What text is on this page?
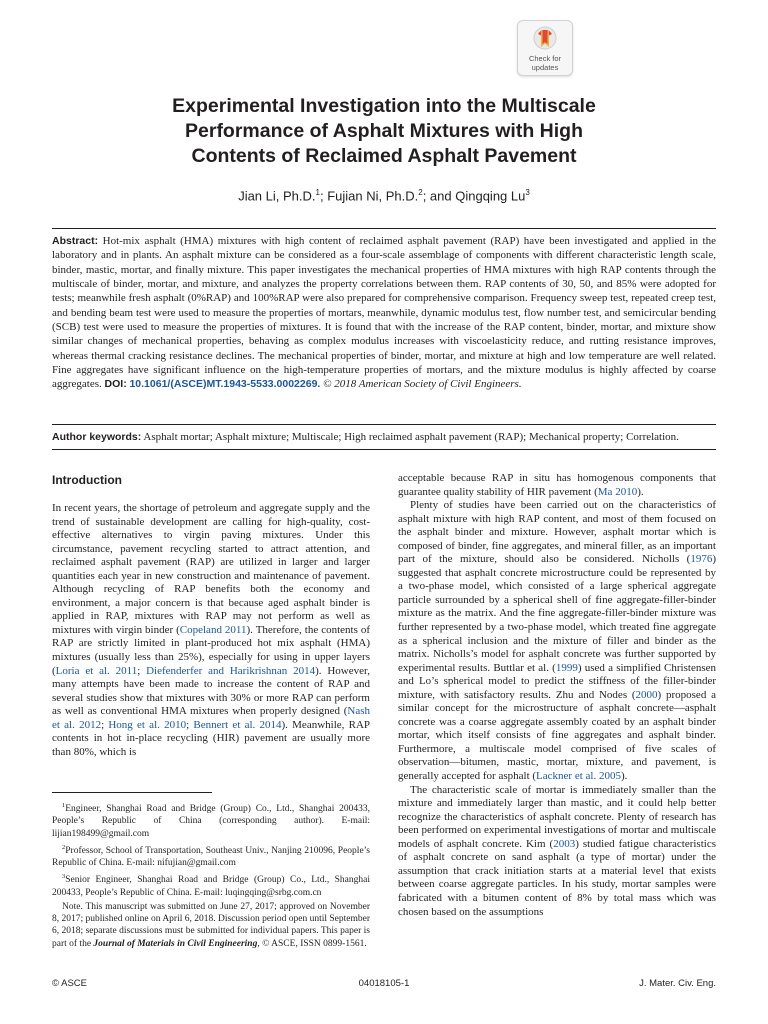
Check for
updates
Experimental Investigation into the Multiscale
Performance of Asphalt Mixtures with High
Contents of Reclaimed Asphalt Pavement
Jian Li, Ph.D.$^1$; Fujian Ni, Ph.D.$^2$; and Qingqing Lu$^3$

Abstract: Hot-mix asphalt (HMA) mixtures with high content of reclaimed asphalt pavement (RAP) have been investigated and applied in the laboratory and in plants. An asphalt mixture can be considered as a four-scale assemblage of components with different characteristic length scale, binder, mastic, mortar, and finally mixture. This paper investigates the mechanical properties of HMA mixtures with high RAP contents through the multiscale of binder, mortar, and mixture, and analyzes the property correlations between them. RAP contents of 30, 50, and 85% were adopted for tests; meanwhile fresh asphalt (0%RAP) and 100%RAP were also prepared for comprehensive comparison. Frequency sweep test, repeated creep test, and bending beam test were used to measure the properties of mortars, meanwhile, dynamic modulus test, flow number test, and semicircular bending (SCB) test were used to measure the properties of mixtures. It is found that with the increase of the RAP content, binder, mortar, and mixture show similar changes of mechanical properties, behaving as complex modulus increases with viscoelasticity reduce, and rutting resistance improves, whereas thermal cracking resistance declines. The mechanical properties of binder, mortar, and mixture at high and low temperature are well related. Fine aggregates have significant influence on the high-temperature properties of mortars, and the mixture modulus is highly affected by coarse aggregates. DOI: 10.1061/(ASCE)MT.1943-5533.0002269. © 2018 American Society of Civil Engineers.

Author keywords: Asphalt mortar; Asphalt mixture; Multiscale; High reclaimed asphalt pavement (RAP); Mechanical property; Correlation.

Introduction

In recent years, the shortage of petroleum and aggregate supply and the trend of sustainable development are calling for high-quality, cost-effective alternatives to virgin paving mixtures. Under this circumstance, pavement recycling started to attract attention, and reclaimed asphalt pavement (RAP) are utilized in larger and larger quantities each year in new construction and maintenance of pavement. Although recycling of RAP benefits both the economy and environment, a major concern is that because aged asphalt binder is applied in RAP, mixtures with RAP may not perform as well as mixtures with virgin binder (Copeland 2011). Therefore, the contents of RAP are strictly limited in plant-produced hot mix asphalt (HMA) mixtures (usually less than 25%), especially for using in upper layers (Loria et al. 2011; Diefenderfer and Harikrishnan 2014). However, many attempts have been made to increase the content of RAP and several studies show that mixtures with 30% or more RAP can perform as well as conventional HMA mixtures when properly designed (Nash et al. 2012; Hong et al. 2010; Bennert et al. 2014). Meanwhile, RAP contents in hot in-place recycling (HIR) pavement are usually more than 80%, which is

acceptable because RAP in situ has homogenous components that guarantee quality stability of HIR pavement (Ma 2010).

Plenty of studies have been carried out on the characteristics of asphalt mixture with high RAP content, and most of them focused on the asphalt binder and mixture. However, asphalt mortar which is composed of binder, fine aggregates, and mineral filler, as an important part of the mixture, should also be considered. Nicholls (1976) suggested that asphalt concrete microstructure could be represented by a two-phase model, which consisted of a large spherical aggregate particle surrounded by a spherical shell of fine aggregate-filler-binder mixture as the matrix. And the fine aggregate-filler-binder mixture was further represented by a two-phase model, which treated fine aggregate as a spherical inclusion and the mixture of filler and binder as the matrix. Nicholls’s model for asphalt concrete was further supported by experimental results. Buttlar et al. (1999) used a simplified Christensen and Lo’s spherical model to predict the stiffness of the filler-binder mixture, with satisfactory results. Zhu and Nodes (2000) proposed a similar concept for the microstructure of asphalt concrete—asphalt concrete was a coarse aggregate assembly coated by an asphalt binder mortar, which itself consists of fine aggregates and asphalt binder. Furthermore, a multiscale model comprised of five scales of observation—bitumen, mastic, mortar, mixture, and pavement, is generally accepted for asphalt (Lackner et al. 2005).

The characteristic scale of mortar is immediately smaller than the mixture and immediately larger than mastic, and it could help better recognize the characteristics of asphalt concrete. Plenty of research has been performed on experimental investigations of mortar and multiscale models of asphalt concrete. Kim (2003) studied fatigue characteristics of asphalt concrete on sand asphalt (a type of mortar) under the assumption that crack initiation starts at a material level that exists between coarse aggregate particles. In his study, mortar samples were fabricated with a bitumen content of 8% by total mass which was chosen based on the assumptions

$^1$Engineer, Shanghai Road and Bridge (Group) Co., Ltd., Shanghai 200433, People’s Republic of China (corresponding author). E-mail: lijian198499@gmail.com

$^2$Professor, School of Transportation, Southeast Univ., Nanjing 210096, People’s Republic of China. E-mail: nifujian@gmail.com

$^3$Senior Engineer, Shanghai Road and Bridge (Group) Co., Ltd., Shanghai 200433, People’s Republic of China. E-mail: luqingqing@srbg.com.cn

Note. This manuscript was submitted on June 27, 2017; approved on November 8, 2017; published online on April 6, 2018. Discussion period open until September 6, 2018; separate discussions must be submitted for individual papers. This paper is part of the Journal of Materials in Civil Engineering, © ASCE, ISSN 0899-1561.

© ASCE	04018105-1	J. Mater. Civ. Eng.
